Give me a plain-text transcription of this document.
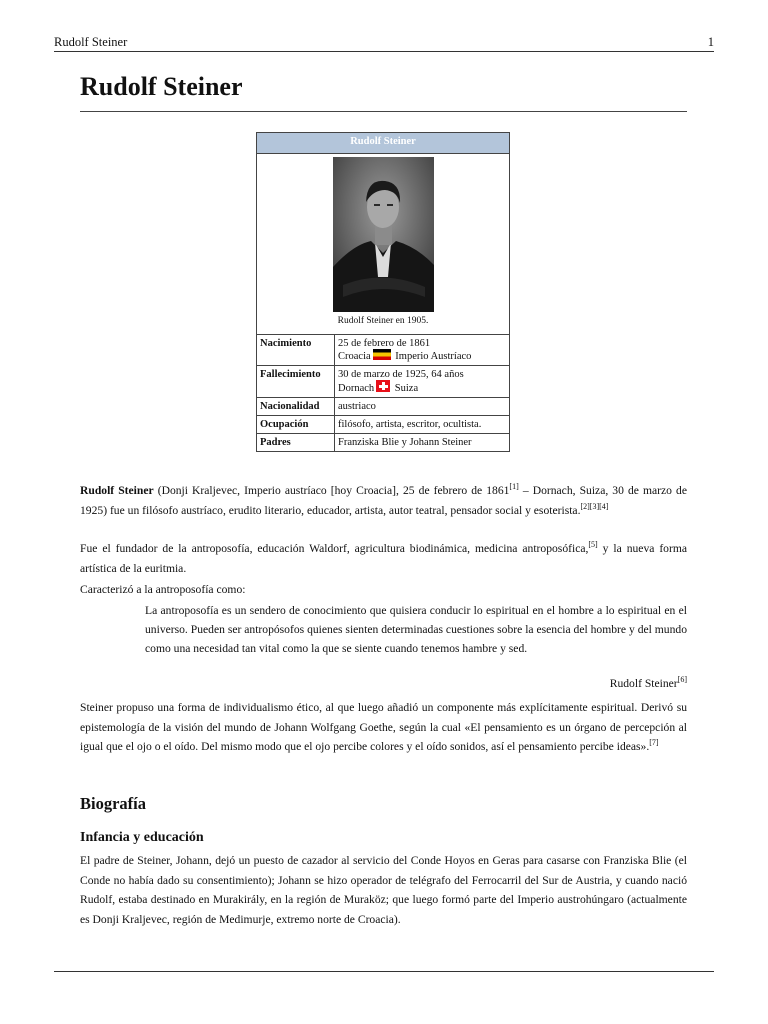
Rudolf Steiner	1
Rudolf Steiner
Rudolf Steiner
Rudolf Steiner en 1905.
Nacimiento	25 de febrero de 1861
Croacia Imperio Austríaco
Fallecimiento	30 de marzo de 1925, 64 años
Dornach Suiza
Nacionalidad	austriaco
Ocupación	filósofo, artista, escritor, ocultista.
Padres	Franziska Blie y Johann Steiner

Rudolf Steiner (Donji Kraljevec, Imperio austríaco [hoy Croacia], 25 de febrero de 1861[1] – Dornach, Suiza, 30 de marzo de 1925) fue un filósofo austríaco, erudito literario, educador, artista, autor teatral, pensador social y esoterista.[2][3][4]

Fue el fundador de la antroposofía, educación Waldorf, agricultura biodinámica, medicina antroposófica,[5] y la nueva forma artística de la euritmia.

Caracterizó a la antroposofía como:

La antroposofía es un sendero de conocimiento que quisiera conducir lo espiritual en el hombre a lo espiritual en el universo. Pueden ser antropósofos quienes sienten determinadas cuestiones sobre la esencia del hombre y del mundo como una necesidad tan vital como la que se siente cuando tenemos hambre y sed.

Rudolf Steiner[6]

Steiner propuso una forma de individualismo ético, al que luego añadió un componente más explícitamente espiritual. Derivó su epistemología de la visión del mundo de Johann Wolfgang Goethe, según la cual «El pensamiento es un órgano de percepción al igual que el ojo o el oído. Del mismo modo que el ojo percibe colores y el oído sonidos, así el pensamiento percibe ideas».[7]

Biografía
Infancia y educación

El padre de Steiner, Johann, dejó un puesto de cazador al servicio del Conde Hoyos en Geras para casarse con Franziska Blie (el Conde no había dado su consentimiento); Johann se hizo operador de telégrafo del Ferrocarril del Sur de Austria, y cuando nació Rudolf, estaba destinado en Murakirály, en la región de Muraköz; que luego formó parte del Imperio austrohúngaro (actualmente es Donji Kraljevec, región de Medimurje, extremo norte de Croacia).
